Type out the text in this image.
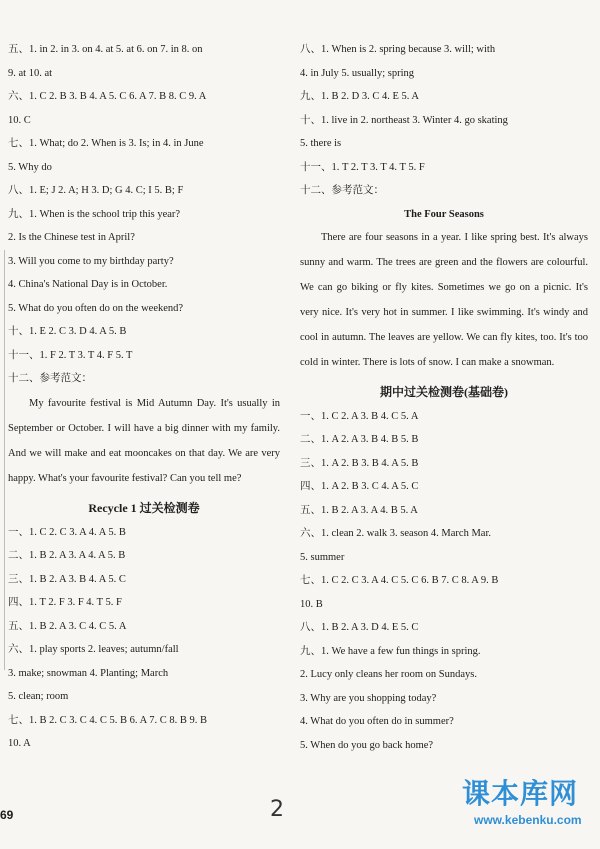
五、1. in 2. in 3. on 4. at 5. at 6. on 7. in 8. on
9. at 10. at
六、1. C 2. B 3. B 4. A 5. C 6. A 7. B 8. C 9. A
10. C
七、1. What; do 2. When is 3. Is; in 4. in June
5. Why do
八、1. E; J 2. A; H 3. D; G 4. C; I 5. B; F
九、1. When is the school trip this year?
2. Is the Chinese test in April?
3. Will you come to my birthday party?
4. China's National Day is in October.
5. What do you often do on the weekend?
十、1. E 2. C 3. D 4. A 5. B
十一、1. F 2. T 3. T 4. F 5. T
十二、参考范文：
My favourite festival is Mid Autumn Day. It's usually in September or October. I will have a big dinner with my family. And we will make and eat mooncakes on that day. We are very happy. What's your favourite festival? Can you tell me?
Recycle 1 过关检测卷
一、1. C 2. C 3. A 4. A 5. B
二、1. B 2. A 3. A 4. A 5. B
三、1. B 2. A 3. B 4. A 5. C
四、1. T 2. F 3. F 4. T 5. F
五、1. B 2. A 3. C 4. C 5. A
六、1. play sports 2. leaves; autumn/fall
3. make; snowman 4. Planting; March
5. clean; room
七、1. B 2. C 3. C 4. C 5. B 6. A 7. C 8. B 9. B
10. A
八、1. When is 2. spring because 3. will; with
4. in July 5. usually; spring
九、1. B 2. D 3. C 4. E 5. A
十、1. live in 2. northeast 3. Winter 4. go skating
5. there is
十一、1. T 2. T 3. T 4. T 5. F
十二、参考范文：
The Four Seasons
There are four seasons in a year. I like spring best. It's always sunny and warm. The trees are green and the flowers are colourful. We can go biking or fly kites. Sometimes we go on a picnic. It's very nice. It's very hot in summer. I like swimming. It's windy and cool in autumn. The leaves are yellow. We can fly kites, too. It's too cold in winter. There is lots of snow. I can make a snowman.
期中过关检测卷(基础卷)
一、1. C 2. A 3. B 4. C 5. A
二、1. A 2. A 3. B 4. B 5. B
三、1. A 2. B 3. B 4. A 5. B
四、1. A 2. B 3. C 4. A 5. C
五、1. B 2. A 3. A 4. B 5. A
六、1. clean 2. walk 3. season 4. March Mar.
5. summer
七、1. C 2. C 3. A 4. C 5. C 6. B 7. C 8. A 9. B
10. B
八、1. B 2. A 3. D 4. E 5. C
九、1. We have a few fun things in spring.
2. Lucy only cleans her room on Sundays.
3. Why are you shopping today?
4. What do you often do in summer?
5. When do you go back home?
69	2	课本库网
www.kebenku.com
